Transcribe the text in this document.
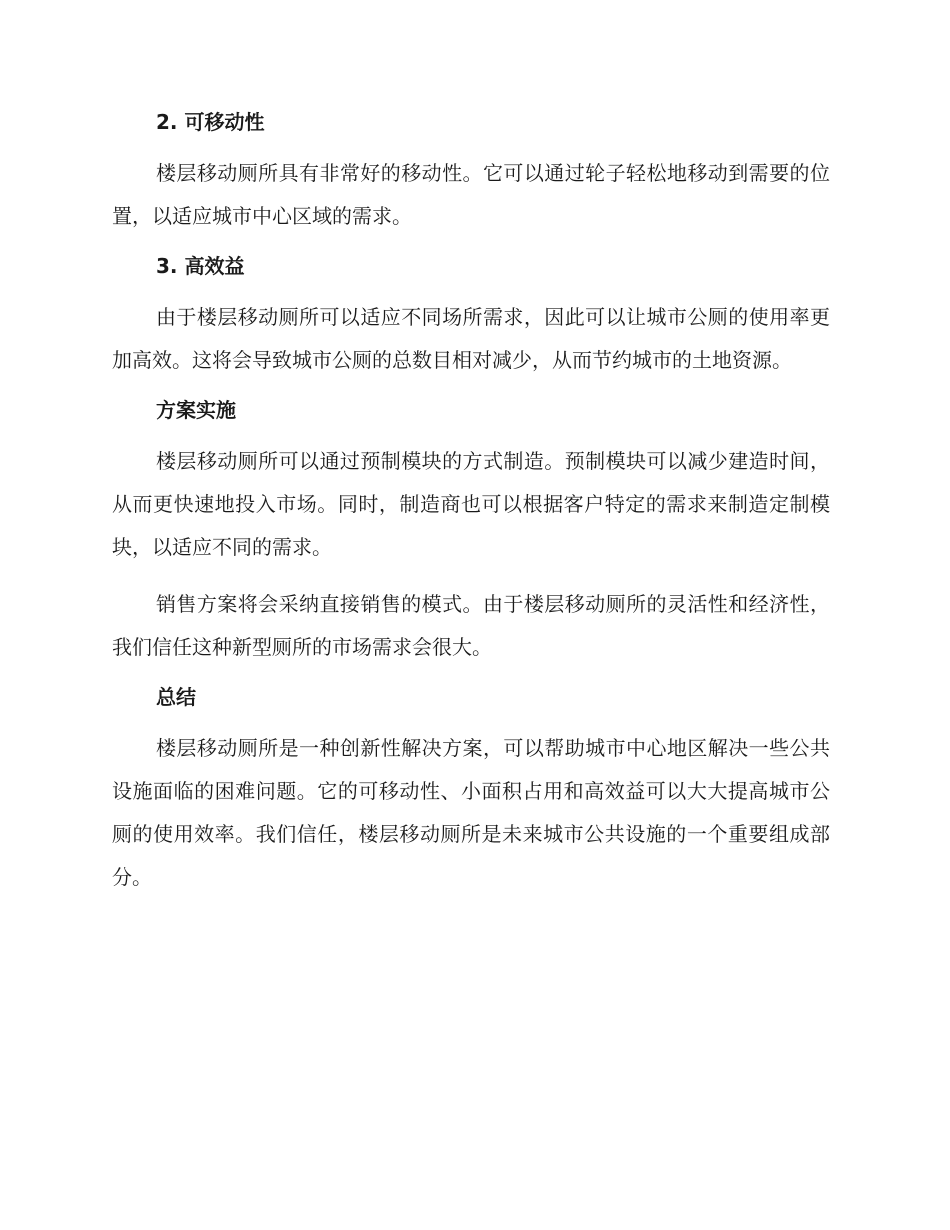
2. 可移动性

楼层移动厕所具有非常好的移动性。它可以通过轮子轻松地移动到需要的位置，以适应城市中心区域的需求。

3. 高效益

由于楼层移动厕所可以适应不同场所需求，因此可以让城市公厕的使用率更加高效。这将会导致城市公厕的总数目相对减少，从而节约城市的土地资源。

方案实施

楼层移动厕所可以通过预制模块的方式制造。预制模块可以减少建造时间，从而更快速地投入市场。同时，制造商也可以根据客户特定的需求来制造定制模块，以适应不同的需求。

销售方案将会采纳直接销售的模式。由于楼层移动厕所的灵活性和经济性，我们信任这种新型厕所的市场需求会很大。

总结

楼层移动厕所是一种创新性解决方案，可以帮助城市中心地区解决一些公共设施面临的困难问题。它的可移动性、小面积占用和高效益可以大大提高城市公厕的使用效率。我们信任，楼层移动厕所是未来城市公共设施的一个重要组成部分。
